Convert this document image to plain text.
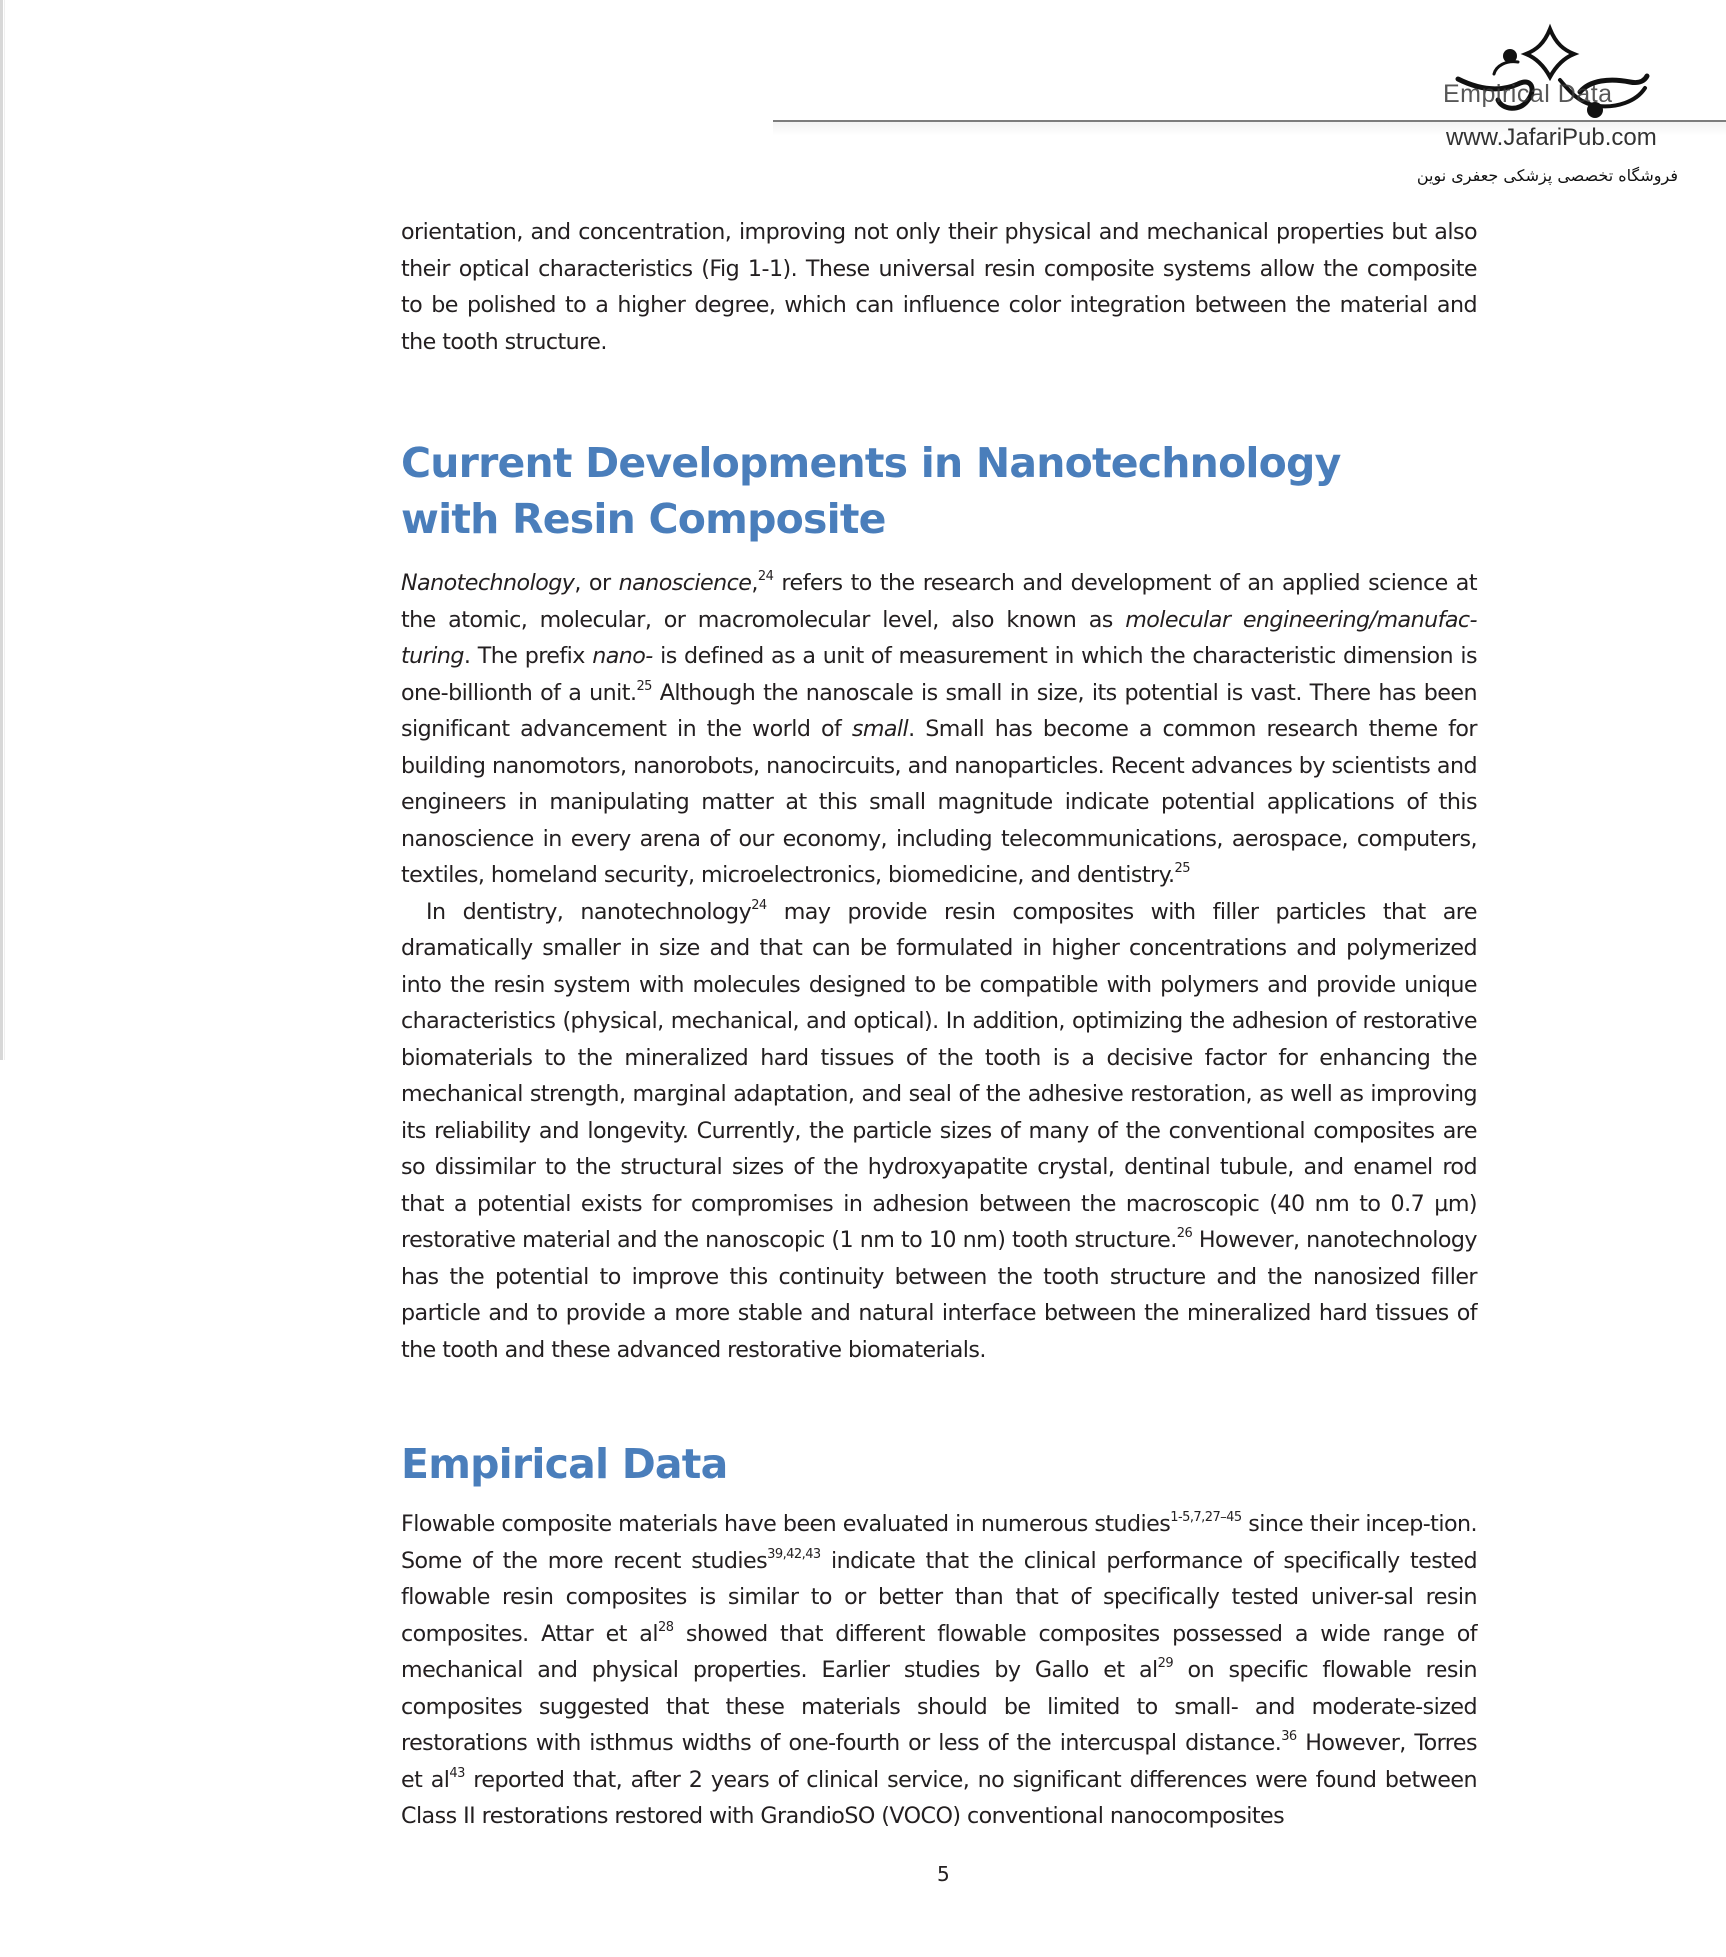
Empirical Data
www.JafariPub.com
فروشگاه تخصصی پزشکی جعفری نوین

orientation, and concentration, improving not only their physical and mechanical properties but also their optical characteristics (Fig 1-1). These universal resin composite systems allow the composite to be polished to a higher degree, which can influence color integration between the material and the tooth structure.

Current Developments in Nanotechnology
with Resin Composite

Nanotechnology, or nanoscience,$^{24}$ refers to the research and development of an applied science at the atomic, molecular, or macromolecular level, also known as molecular engineering/manufac-turing. The prefix nano- is defined as a unit of measurement in which the characteristic dimension is one-billionth of a unit.$^{25}$ Although the nanoscale is small in size, its potential is vast. There has been significant advancement in the world of small. Small has become a common research theme for building nanomotors, nanorobots, nanocircuits, and nanoparticles. Recent advances by scientists and engineers in manipulating matter at this small magnitude indicate potential applications of this nanoscience in every arena of our economy, including telecommunications, aerospace, computers, textiles, homeland security, microelectronics, biomedicine, and dentistry.$^{25}$

In dentistry, nanotechnology$^{24}$ may provide resin composites with filler particles that are dramatically smaller in size and that can be formulated in higher concentrations and polymerized into the resin system with molecules designed to be compatible with polymers and provide unique characteristics (physical, mechanical, and optical). In addition, optimizing the adhesion of restorative biomaterials to the mineralized hard tissues of the tooth is a decisive factor for enhancing the mechanical strength, marginal adaptation, and seal of the adhesive restoration, as well as improving its reliability and longevity. Currently, the particle sizes of many of the conventional composites are so dissimilar to the structural sizes of the hydroxyapatite crystal, dentinal tubule, and enamel rod that a potential exists for compromises in adhesion between the macroscopic (40 nm to 0.7 µm) restorative material and the nanoscopic (1 nm to 10 nm) tooth structure.$^{26}$ However, nanotechnology has the potential to improve this continuity between the tooth structure and the nanosized filler particle and to provide a more stable and natural interface between the mineralized hard tissues of the tooth and these advanced restorative biomaterials.

Empirical Data

Flowable composite materials have been evaluated in numerous studies$^{1-5,7,27-45}$ since their incep-tion. Some of the more recent studies$^{39,42,43}$ indicate that the clinical performance of specifically tested flowable resin composites is similar to or better than that of specifically tested univer-sal resin composites. Attar et $al^{28}$ showed that different flowable composites possessed a wide range of mechanical and physical properties. Earlier studies by Gallo et $al^{29}$ on specific flowable resin composites suggested that these materials should be limited to small- and moderate-sized restorations with isthmus widths of one-fourth or less of the intercuspal distance.$^{36}$ However, Torres et $al^{43}$ reported that, after 2 years of clinical service, no significant differences were found between Class II restorations restored with GrandioSO (VOCO) conventional nanocomposites

5
